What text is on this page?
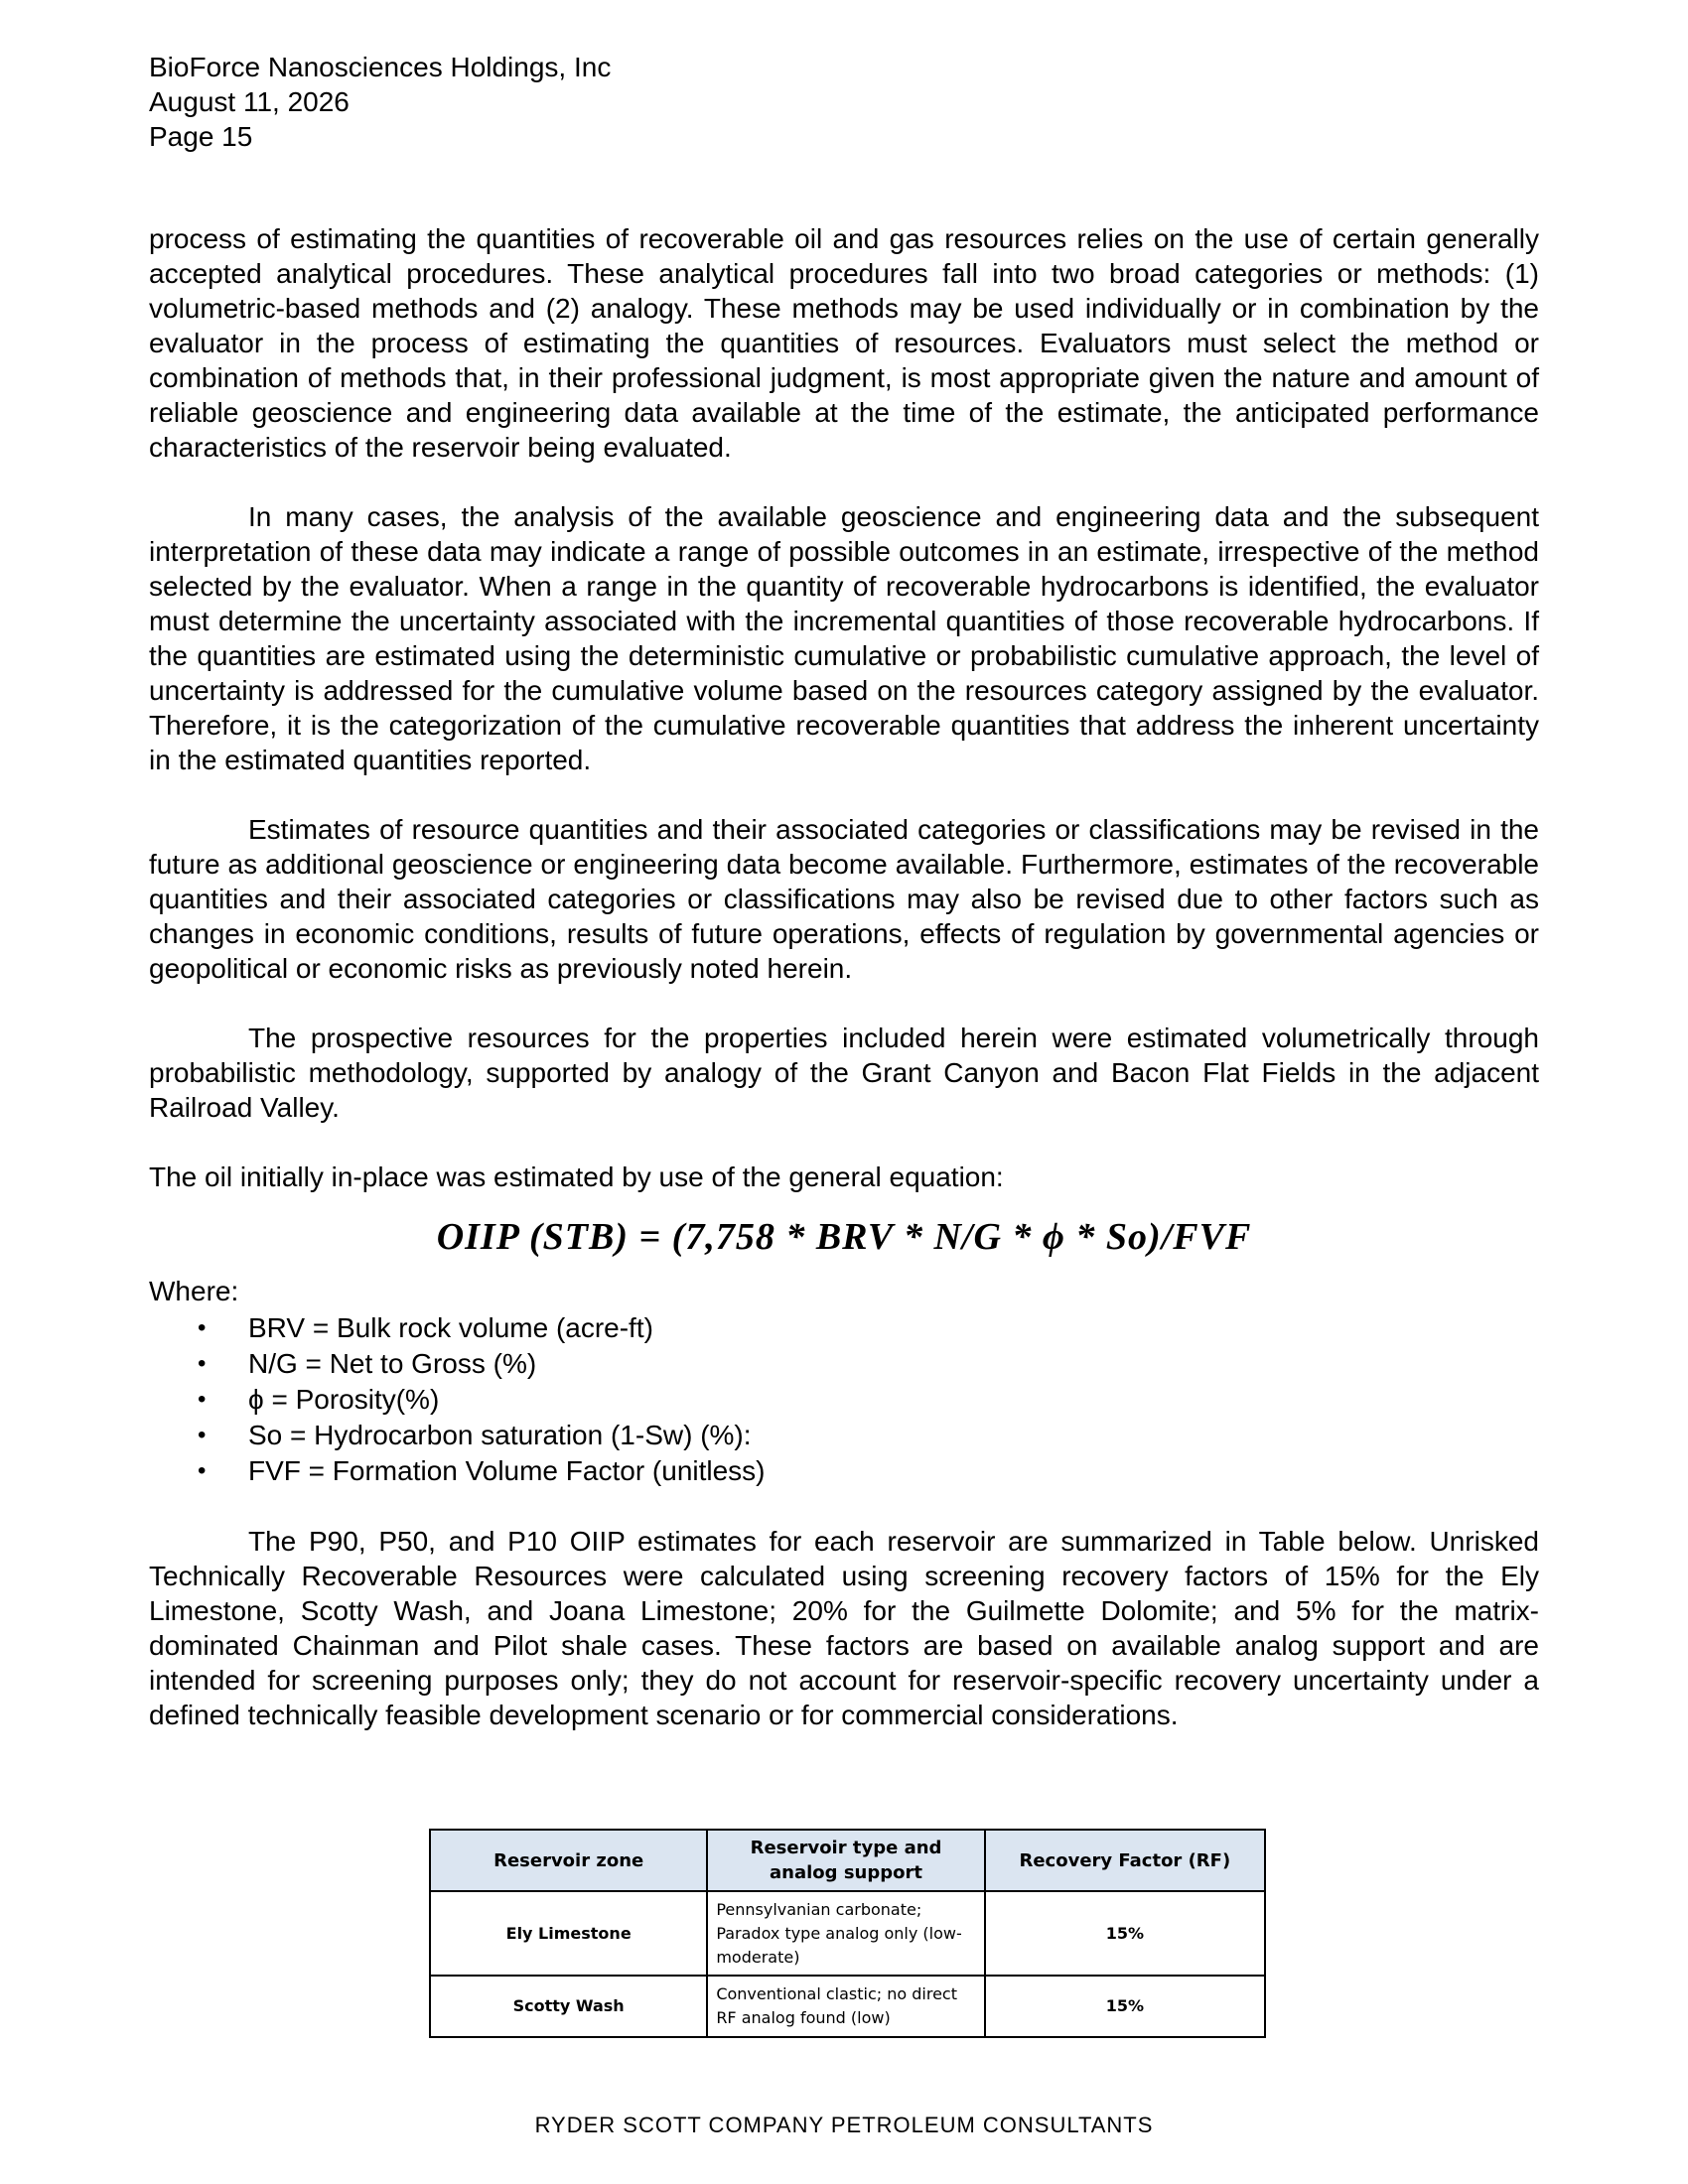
BioForce Nanosciences Holdings, Inc
August 11, 2026
Page 15

process of estimating the quantities of recoverable oil and gas resources relies on the use of certain generally accepted analytical procedures. These analytical procedures fall into two broad categories or methods: (1) volumetric-based methods and (2) analogy. These methods may be used individually or in combination by the evaluator in the process of estimating the quantities of resources. Evaluators must select the method or combination of methods that, in their professional judgment, is most appropriate given the nature and amount of reliable geoscience and engineering data available at the time of the estimate, the anticipated performance characteristics of the reservoir being evaluated.

In many cases, the analysis of the available geoscience and engineering data and the subsequent interpretation of these data may indicate a range of possible outcomes in an estimate, irrespective of the method selected by the evaluator. When a range in the quantity of recoverable hydrocarbons is identified, the evaluator must determine the uncertainty associated with the incremental quantities of those recoverable hydrocarbons. If the quantities are estimated using the deterministic cumulative or probabilistic cumulative approach, the level of uncertainty is addressed for the cumulative volume based on the resources category assigned by the evaluator. Therefore, it is the categorization of the cumulative recoverable quantities that address the inherent uncertainty in the estimated quantities reported.

Estimates of resource quantities and their associated categories or classifications may be revised in the future as additional geoscience or engineering data become available. Furthermore, estimates of the recoverable quantities and their associated categories or classifications may also be revised due to other factors such as changes in economic conditions, results of future operations, effects of regulation by governmental agencies or geopolitical or economic risks as previously noted herein.

The prospective resources for the properties included herein were estimated volumetrically through probabilistic methodology, supported by analogy of the Grant Canyon and Bacon Flat Fields in the adjacent Railroad Valley.

The oil initially in-place was estimated by use of the general equation:

OIIP (STB) = (7,758 * BRV * N/G * ϕ * So)/FVF
Where:
• BRV = Bulk rock volume (acre-ft)
• N/G = Net to Gross (%)
• ϕ = Porosity(%)
• So = Hydrocarbon saturation (1-Sw) (%):
• FVF = Formation Volume Factor (unitless)

The P90, P50, and P10 OIIP estimates for each reservoir are summarized in Table below. Unrisked Technically Recoverable Resources were calculated using screening recovery factors of 15% for the Ely Limestone, Scotty Wash, and Joana Limestone; 20% for the Guilmette Dolomite; and 5% for the matrix-dominated Chainman and Pilot shale cases. These factors are based on available analog support and are intended for screening purposes only; they do not account for reservoir-specific recovery uncertainty under a defined technically feasible development scenario or for commercial considerations.

Reservoir zone	Reservoir type and analog support	Recovery Factor (RF)
Ely Limestone	Pennsylvanian carbonate; Paradox type analog only (low-moderate)	15%
Scotty Wash	Conventional clastic; no direct RF analog found (low)	15%
RYDER SCOTT COMPANY PETROLEUM CONSULTANTS
